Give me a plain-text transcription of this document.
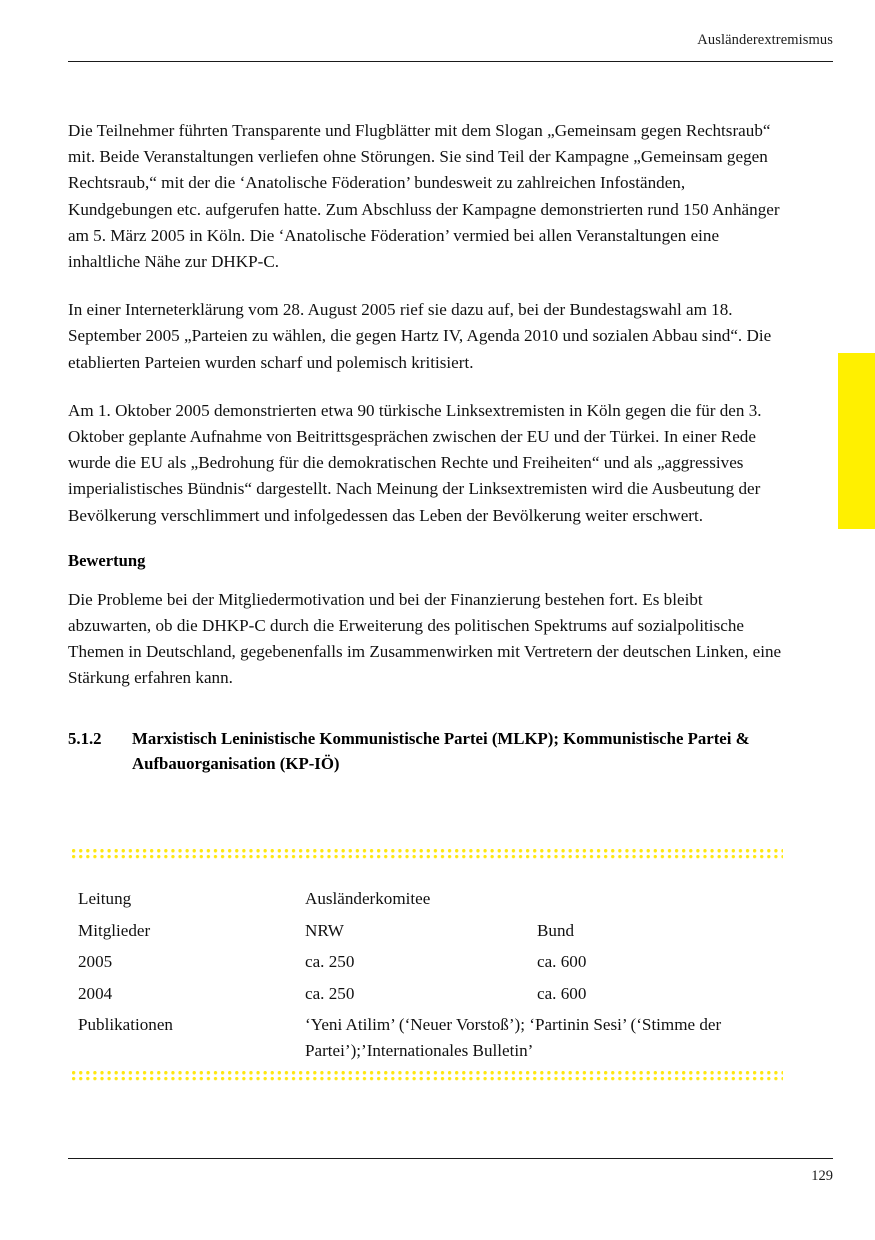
Ausländerextremismus

Die Teilnehmer führten Transparente und Flugblätter mit dem Slogan „Gemeinsam gegen Rechtsraub“ mit. Beide Veranstaltungen verliefen ohne Störungen. Sie sind Teil der Kampagne „Gemeinsam gegen Rechtsraub,“ mit der die ‘Anatolische Föderation’ bundesweit zu zahlreichen Infoständen, Kundgebungen etc. aufgerufen hatte. Zum Abschluss der Kampagne demonstrierten rund 150 Anhänger am 5. März 2005 in Köln. Die ‘Anatolische Föderation’ vermied bei allen Veranstaltungen eine inhaltliche Nähe zur DHKP-C.

In einer Interneterklärung vom 28. August 2005 rief sie dazu auf, bei der Bundestagswahl am 18. September 2005 „Parteien zu wählen, die gegen Hartz IV, Agenda 2010 und sozialen Abbau sind“. Die etablierten Parteien wurden scharf und polemisch kritisiert.

Am 1. Oktober 2005 demonstrierten etwa 90 türkische Linksextremisten in Köln gegen die für den 3. Oktober geplante Aufnahme von Beitrittsgesprächen zwischen der EU und der Türkei. In einer Rede wurde die EU als „Bedrohung für die demokratischen Rechte und Freiheiten“ und als „aggressives imperialistisches Bündnis“ dargestellt. Nach Meinung der Linksextremisten wird die Ausbeutung der Bevölkerung verschlimmert und infolgedessen das Leben der Bevölkerung weiter erschwert.

Bewertung

Die Probleme bei der Mitgliedermotivation und bei der Finanzierung bestehen fort. Es bleibt abzuwarten, ob die DHKP-C durch die Erweiterung des politischen Spektrums auf sozialpolitische Themen in Deutschland, gegebenenfalls im Zusammenwirken mit Vertretern der deutschen Linken, eine Stärkung erfahren kann.

5.1.2	Marxistisch Leninistische Kommunistische Partei (MLKP); Kommunistische Partei & Aufbauorganisation (KP-IÖ)
Leitung	Ausländerkomitee	
Mitglieder	NRW	Bund
2005	ca. 250	ca. 600
2004	ca. 250	ca. 600
Publikationen	‘Yeni Atilim’ (‘Neuer Vorstoß’); ‘Partinin Sesi’ (‘Stimme der Partei’);’Internationales Bulletin’	
129
